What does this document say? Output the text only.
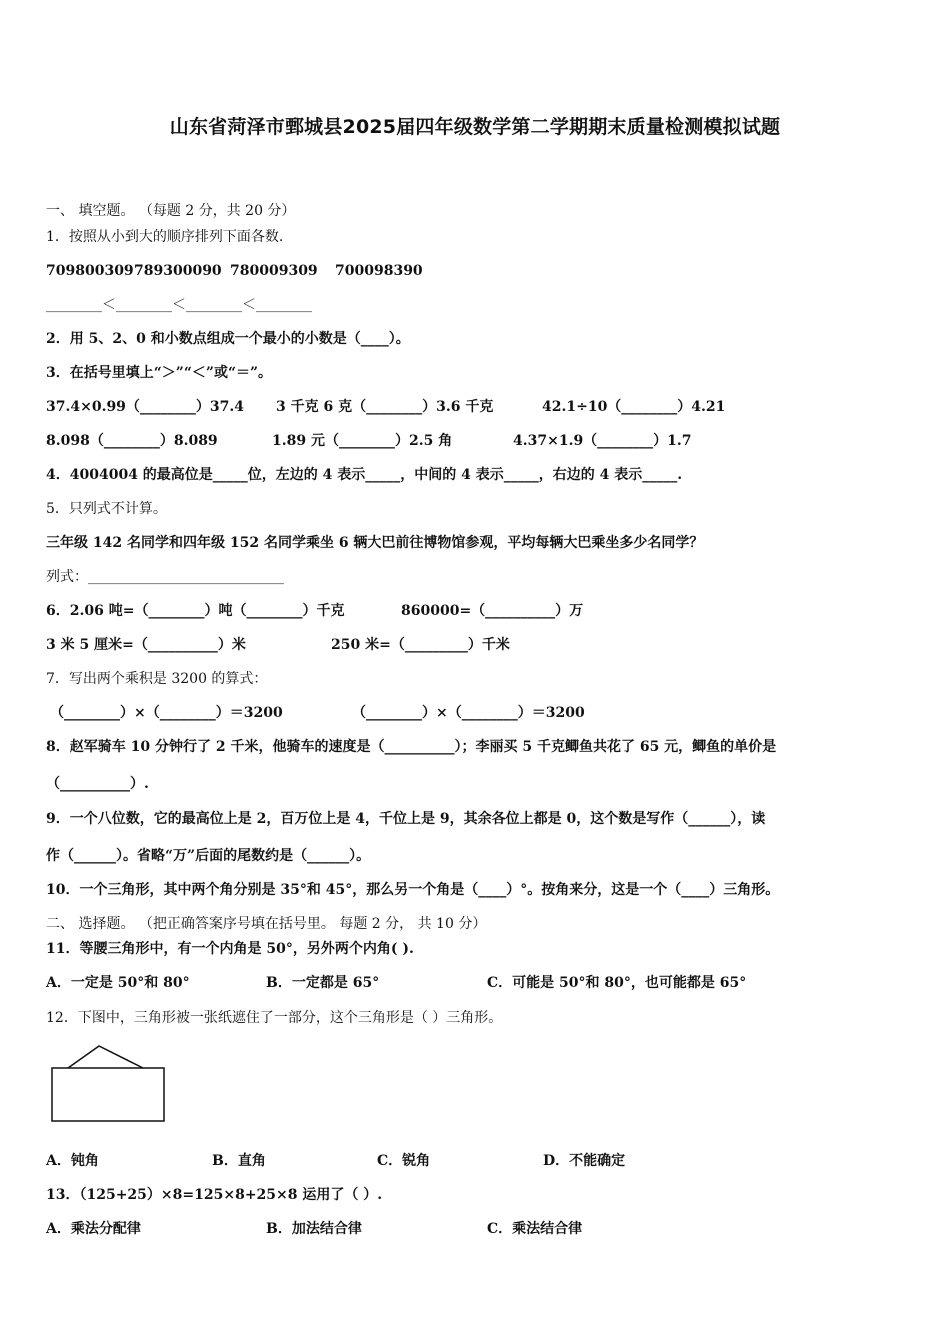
山东省菏泽市鄄城县2025届四年级数学第二学期期末质量检测模拟试题
一、 填空题。 （每题 2 分，共 20 分）
1．按照从小到大的顺序排列下面各数.
709800309 789300090 780009309 700098390
________＜________＜________＜________
2．用 5、2、0 和小数点组成一个最小的小数是（____）。
3．在括号里填上“＞”“＜”或“＝”。
37.4×0.99（________）37.4 3 千克 6 克（________）3.6 千克	42.1÷10（________）4.21
8.098（________）8.089	1.89 元（________）2.5 角	4.37×1.9（________）1.7
4．4004004 的最高位是_____位，左边的 4 表示_____，中间的 4 表示_____，右边的 4 表示_____.
5．只列式不计算。
三年级 142 名同学和四年级 152 名同学乘坐 6 辆大巴前往博物馆参观，平均每辆大巴乘坐多少名同学？
列式：____________________________
6．2.06 吨=（________）吨（________）千克	860000=（__________）万
3 米 5 厘米=（__________）米	250 米=（_________）千米
7．写出两个乘积是 3200 的算式：
（________）×（________）＝3200	（________）×（________）＝3200
8．赵军骑车 10 分钟行了 2 千米，他骑车的速度是（__________）；李丽买 5 千克鲫鱼共花了 65 元，鲫鱼的单价是
（__________）.
9．一个八位数，它的最高位上是 2，百万位上是 4，千位上是 9，其余各位上都是 0，这个数是写作（______），读
作（______）。省略“万”后面的尾数约是（______）。
10．一个三角形，其中两个角分别是 35°和 45°，那么另一个角是（____）°。按角来分，这是一个（____）三角形。
二、 选择题。 （把正确答案序号填在括号里。 每题 2 分， 共 10 分）
11．等腰三角形中，有一个内角是 50°，另外两个内角( ).
A．一定是 50°和 80°	B．一定都是 65°	C．可能是 50°和 80°，也可能都是 65°
12．下图中，三角形被一张纸遮住了一部分，这个三角形是（ ）三角形。
A．钝角	B．直角	C．锐角	D．不能确定
13．（125+25）×8=125×8+25×8 运用了（ ）.
A．乘法分配律	B．加法结合律	C．乘法结合律
